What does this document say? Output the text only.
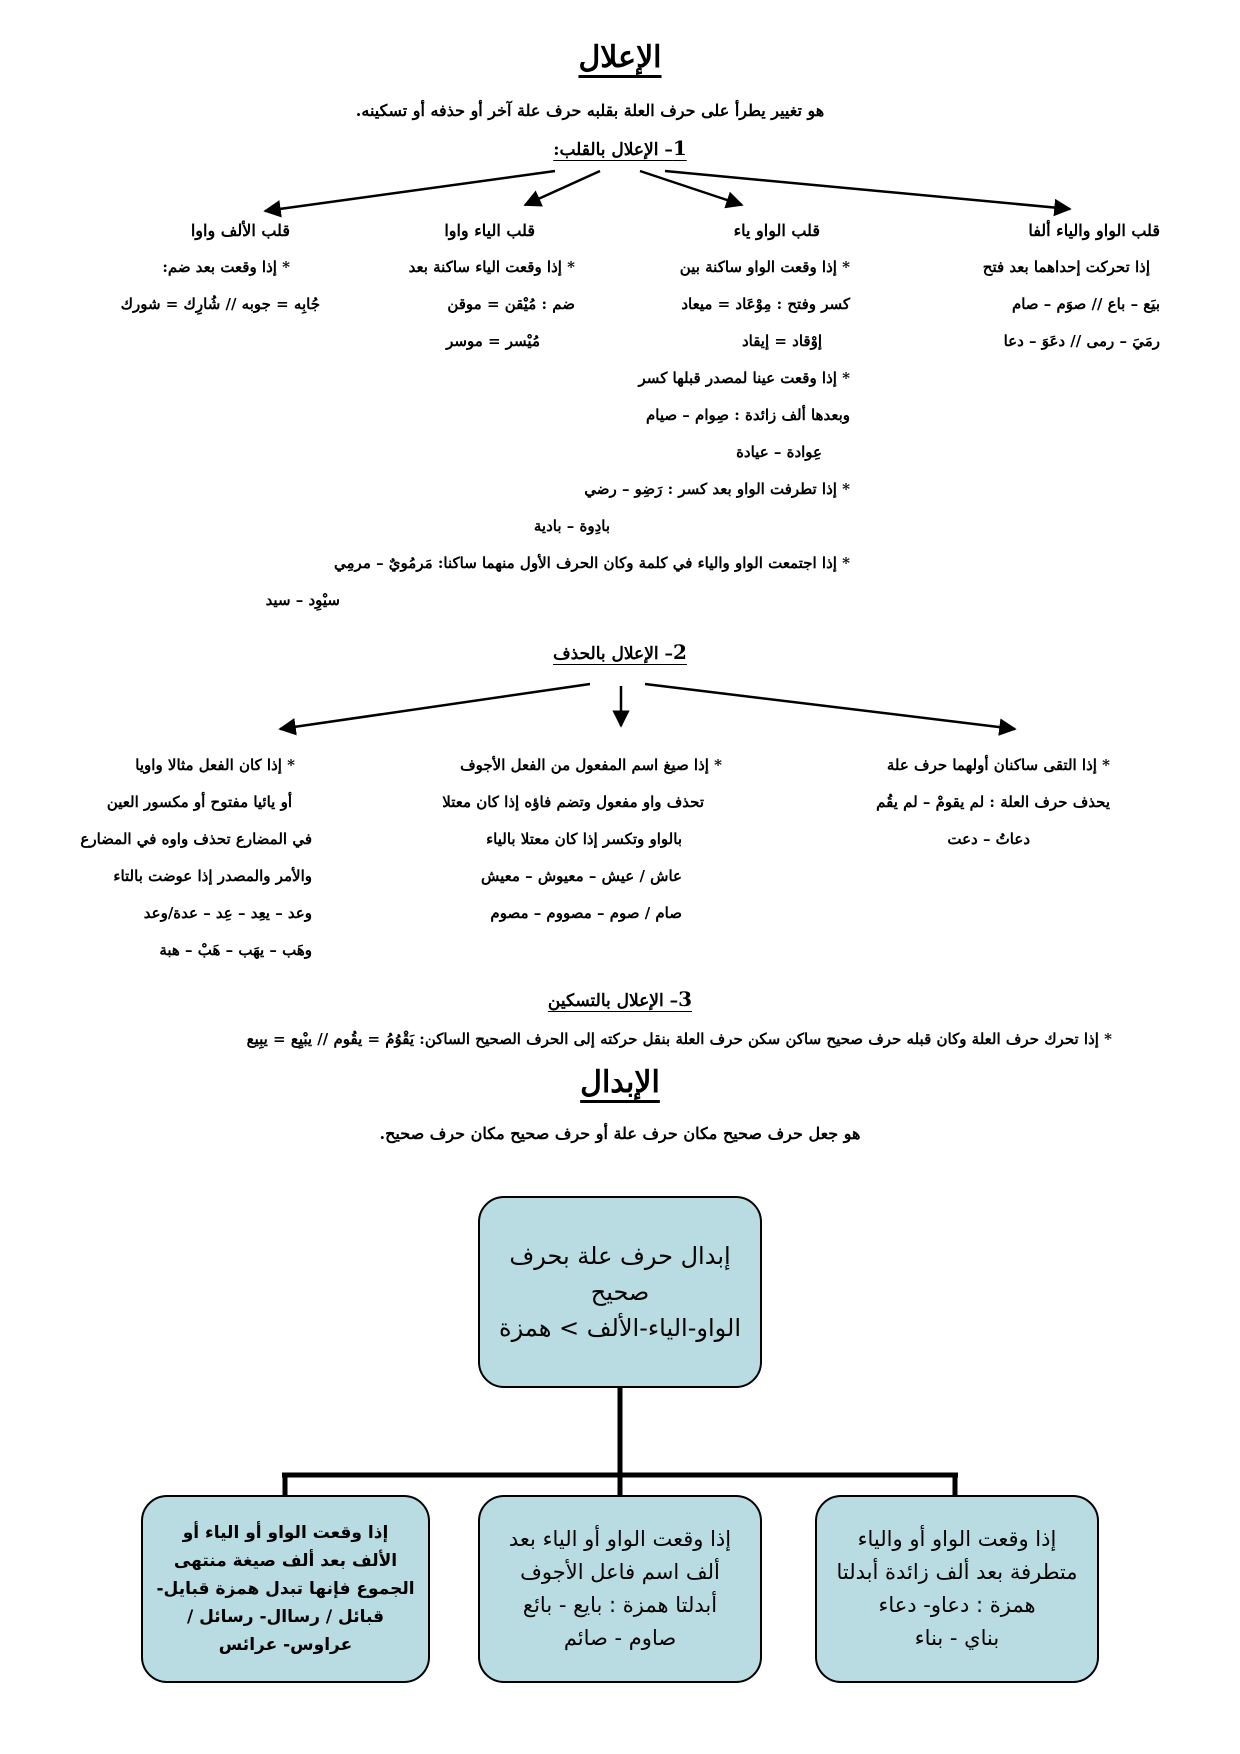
الإعلال
هو تغيير يطرأ على حرف العلة بقلبه حرف علة آخر أو حذفه أو تسكينه.
1– الإعلال بالقلب:
قلب الواو والياء ألفا
إذا تحركت إحداهما بعد فتح
بيَع – باع // صوَم – صام
رمَيَ – رمى // دعَوَ – دعا
قلب الواو ياء
* إذا وقعت الواو ساكنة بين
كسر وفتح : مِوْعَاد = ميعاد
إوْقاد = إيقاد
* إذا وقعت عينا لمصدر قبلها كسر
وبعدها ألف زائدة : صِوام – صيام
عِوادة – عيادة
* إذا تطرفت الواو بعد كسر : رَضِو – رضي
بادِوة – بادية
* إذا اجتمعت الواو والياء في كلمة وكان الحرف الأول منهما ساكنا: مَرمُويٌ – مرمِي
سيْوِد – سيد
قلب الياء واوا
* إذا وقعت الياء ساكنة بعد
ضم : مُيْقن = موقن
مُيْسر = موسر
قلب الألف واوا
* إذا وقعت بعد ضم:
جُابِه = جوبه // شُارِك = شورك
2– الإعلال بالحذف
* إذا التقى ساكنان أولهما حرف علة
يحذف حرف العلة : لم يقومْ – لم يقُم
دعاتُ – دعت
* إذا صيغ اسم المفعول من الفعل الأجوف
تحذف واو مفعول وتضم فاؤه إذا كان معتلا
بالواو وتكسر إذا كان معتلا بالياء
عاش / عيش – معيوش – معيش
صام / صوم – مصووم – مصوم
* إذا كان الفعل مثالا واويا
أو يائيا مفتوح أو مكسور العين
في المضارع تحذف واوه في المضارع
والأمر والمصدر إذا عوضت بالتاء
وعد – يعِد – عِد – عدة/وعد
وهَب – يهَب – هَبْ – هبة
3– الإعلال بالتسكين
* إذا تحرك حرف العلة وكان قبله حرف صحيح ساكن سكن حرف العلة بنقل حركته إلى الحرف الصحيح الساكن: يَقْوُمُ = يقُوم // يبْيِع = يبِيع
الإبدال
هو جعل حرف صحيح مكان حرف علة أو حرف صحيح مكان حرف صحيح.
إبدال حرف علة بحرف
صحيح
الواو-الياء-الألف > همزة
إذا وقعت الواو أو والياء
متطرفة بعد ألف زائدة أبدلتا
همزة : دعاو- دعاء
بناي - بناء
إذا وقعت الواو أو الياء بعد
ألف اسم فاعل الأجوف
أبدلتا همزة : بايع - بائع
صاوم - صائم
إذا وقعت الواو أو الياء أو
الألف بعد ألف صيغة منتهى
الجموع فإنها تبدل همزة قبايل-
قبائل / رساال- رسائل /
عراوس- عرائس
